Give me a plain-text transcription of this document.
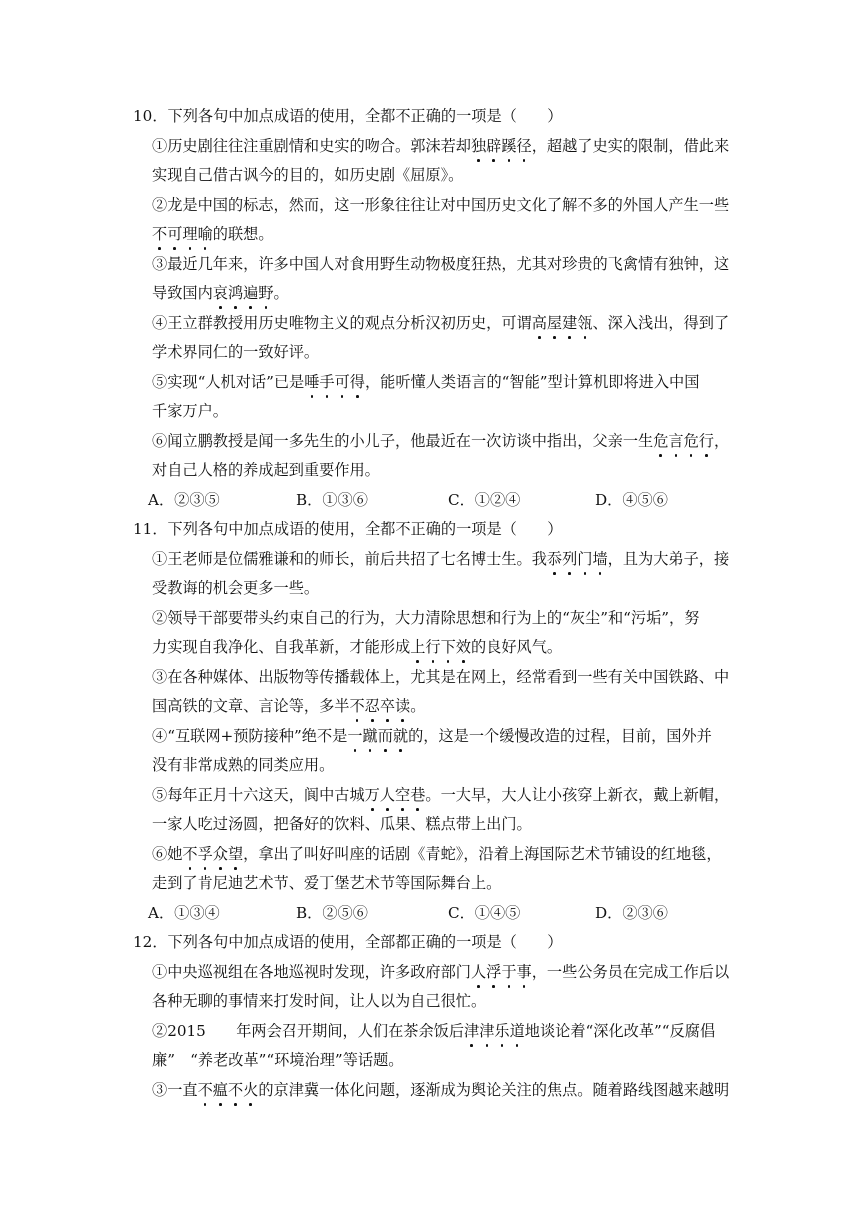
10．下列各句中加点成语的使用，全都不正确的一项是（　　）
①历史剧往往注重剧情和史实的吻合。郭沫若却独辟蹊径，超越了史实的限制，借此来
实现自己借古讽今的目的，如历史剧《屈原》。
②龙是中国的标志，然而，这一形象往往让对中国历史文化了解不多的外国人产生一些
不可理喻的联想。
③最近几年来，许多中国人对食用野生动物极度狂热，尤其对珍贵的飞禽情有独钟，这
导致国内哀鸿遍野。
④王立群教授用历史唯物主义的观点分析汉初历史，可谓高屋建瓴、深入浅出，得到了
学术界同仁的一致好评。
⑤实现“人机对话”已是唾手可得，能听懂人类语言的“智能”型计算机即将进入中国
千家万户。
⑥闻立鹏教授是闻一多先生的小儿子，他最近在一次访谈中指出，父亲一生危言危行，
对自己人格的养成起到重要作用。
A．②③⑤	B．①③⑥	C．①②④	D．④⑤⑥
11．下列各句中加点成语的使用，全都不正确的一项是（　　）
①王老师是位儒雅谦和的师长，前后共招了七名博士生。我忝列门墙，且为大弟子，接
受教诲的机会更多一些。
②领导干部要带头约束自己的行为，大力清除思想和行为上的“灰尘”和“污垢”，努
力实现自我净化、自我革新，才能形成上行下效的良好风气。
③在各种媒体、出版物等传播载体上，尤其是在网上，经常看到一些有关中国铁路、中
国高铁的文章、言论等，多半不忍卒读。
④“互联网+预防接种”绝不是一蹴而就的，这是一个缓慢改造的过程，目前，国外并
没有非常成熟的同类应用。
⑤每年正月十六这天，阆中古城万人空巷。一大早，大人让小孩穿上新衣，戴上新帽，
一家人吃过汤圆，把备好的饮料、瓜果、糕点带上出门。
⑥她不孚众望，拿出了叫好叫座的话剧《青蛇》，沿着上海国际艺术节铺设的红地毯，
走到了肯尼迪艺术节、爱丁堡艺术节等国际舞台上。
A．①③④	B．②⑤⑥	C．①④⑤	D．②③⑥
12．下列各句中加点成语的使用，全部都正确的一项是（　　）
①中央巡视组在各地巡视时发现，许多政府部门人浮于事，一些公务员在完成工作后以
各种无聊的事情来打发时间，让人以为自己很忙。
②2015　　年两会召开期间，人们在茶余饭后津津乐道地谈论着“深化改革”“反腐倡
廉”　“养老改革”“环境治理”等话题。
③一直不瘟不火的京津冀一体化问题，逐渐成为舆论关注的焦点。随着路线图越来越明
